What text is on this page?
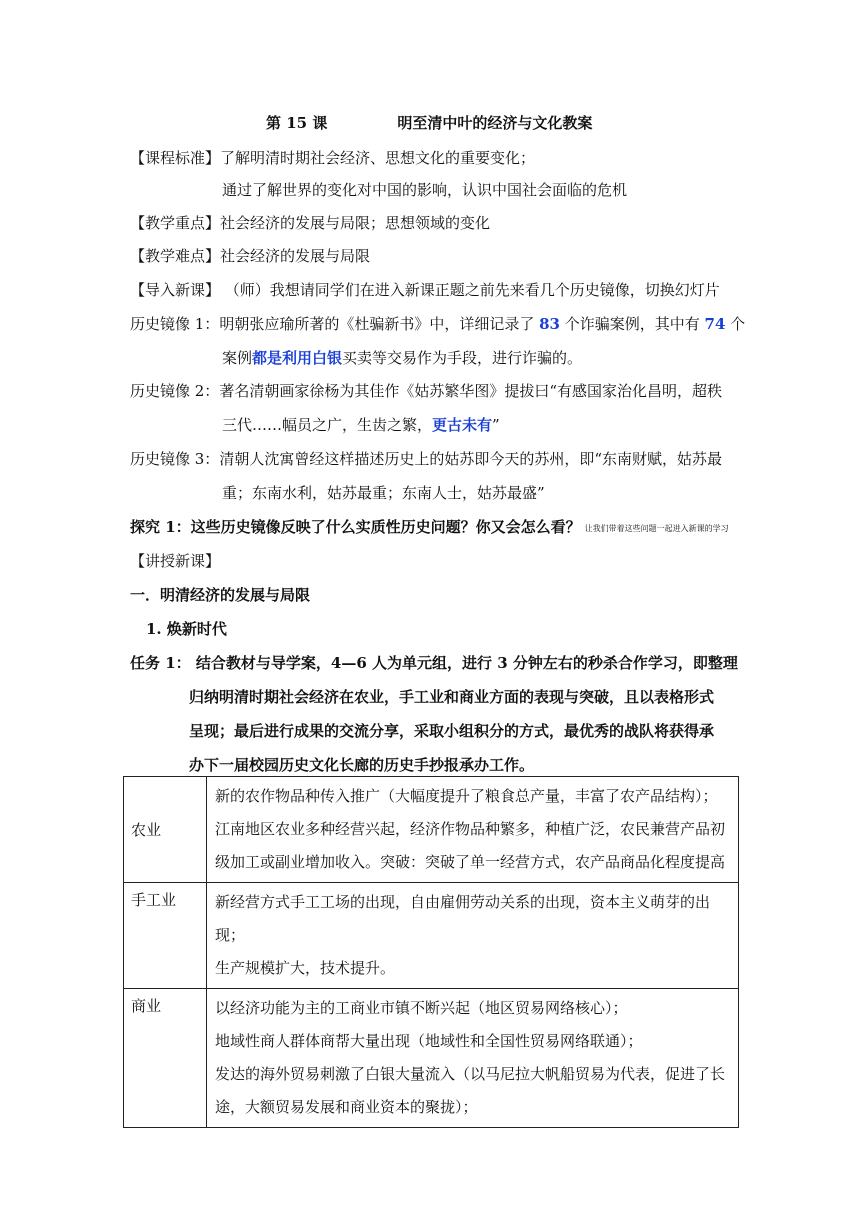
第 15 课	明至清中叶的经济与文化教案
【课程标准】了解明清时期社会经济、思想文化的重要变化；
通过了解世界的变化对中国的影响，认识中国社会面临的危机
【教学重点】社会经济的发展与局限；思想领域的变化
【教学难点】社会经济的发展与局限
【导入新课】 （师）我想请同学们在进入新课正题之前先来看几个历史镜像，切换幻灯片
历史镜像 1：明朝张应瑜所著的《杜骗新书》中，详细记录了 83 个诈骗案例，其中有 74 个
案例都是利用白银买卖等交易作为手段，进行诈骗的。
历史镜像 2：著名清朝画家徐杨为其佳作《姑苏繁华图》提拔曰“有感国家治化昌明，超秩
三代……幅员之广，生齿之繁，更古未有”
历史镜像 3：清朝人沈寓曾经这样描述历史上的姑苏即今天的苏州，即“东南财赋，姑苏最
重；东南水利，姑苏最重；东南人士，姑苏最盛”
探究 1：这些历史镜像反映了什么实质性历史问题？你又会怎么看？ 让我们带着这些问题一起进入新课的学习
【讲授新课】
一．明清经济的发展与局限
1. 焕新时代
任务 1： 结合教材与导学案，4—6 人为单元组，进行 3 分钟左右的秒杀合作学习，即整理
归纳明清时期社会经济在农业，手工业和商业方面的表现与突破，且以表格形式
呈现；最后进行成果的交流分享，采取小组积分的方式，最优秀的战队将获得承
办下一届校园历史文化长廊的历史手抄报承办工作。
农业	新的农作物品种传入推广（大幅度提升了粮食总产量，丰富了农产品结构）；
江南地区农业多种经营兴起，经济作物品种繁多，种植广泛，农民兼营产品初
级加工或副业增加收入。突破：突破了单一经营方式，农产品商品化程度提高

手工业	新经营方式手工工场的出现，自由雇佣劳动关系的出现，资本主义萌芽的出现；
生产规模扩大，技术提升。

商业	以经济功能为主的工商业市镇不断兴起（地区贸易网络核心）；
地域性商人群体商帮大量出现（地域性和全国性贸易网络联通）；
发达的海外贸易刺激了白银大量流入（以马尼拉大帆船贸易为代表，促进了长
途，大额贸易发展和商业资本的聚拢）；
